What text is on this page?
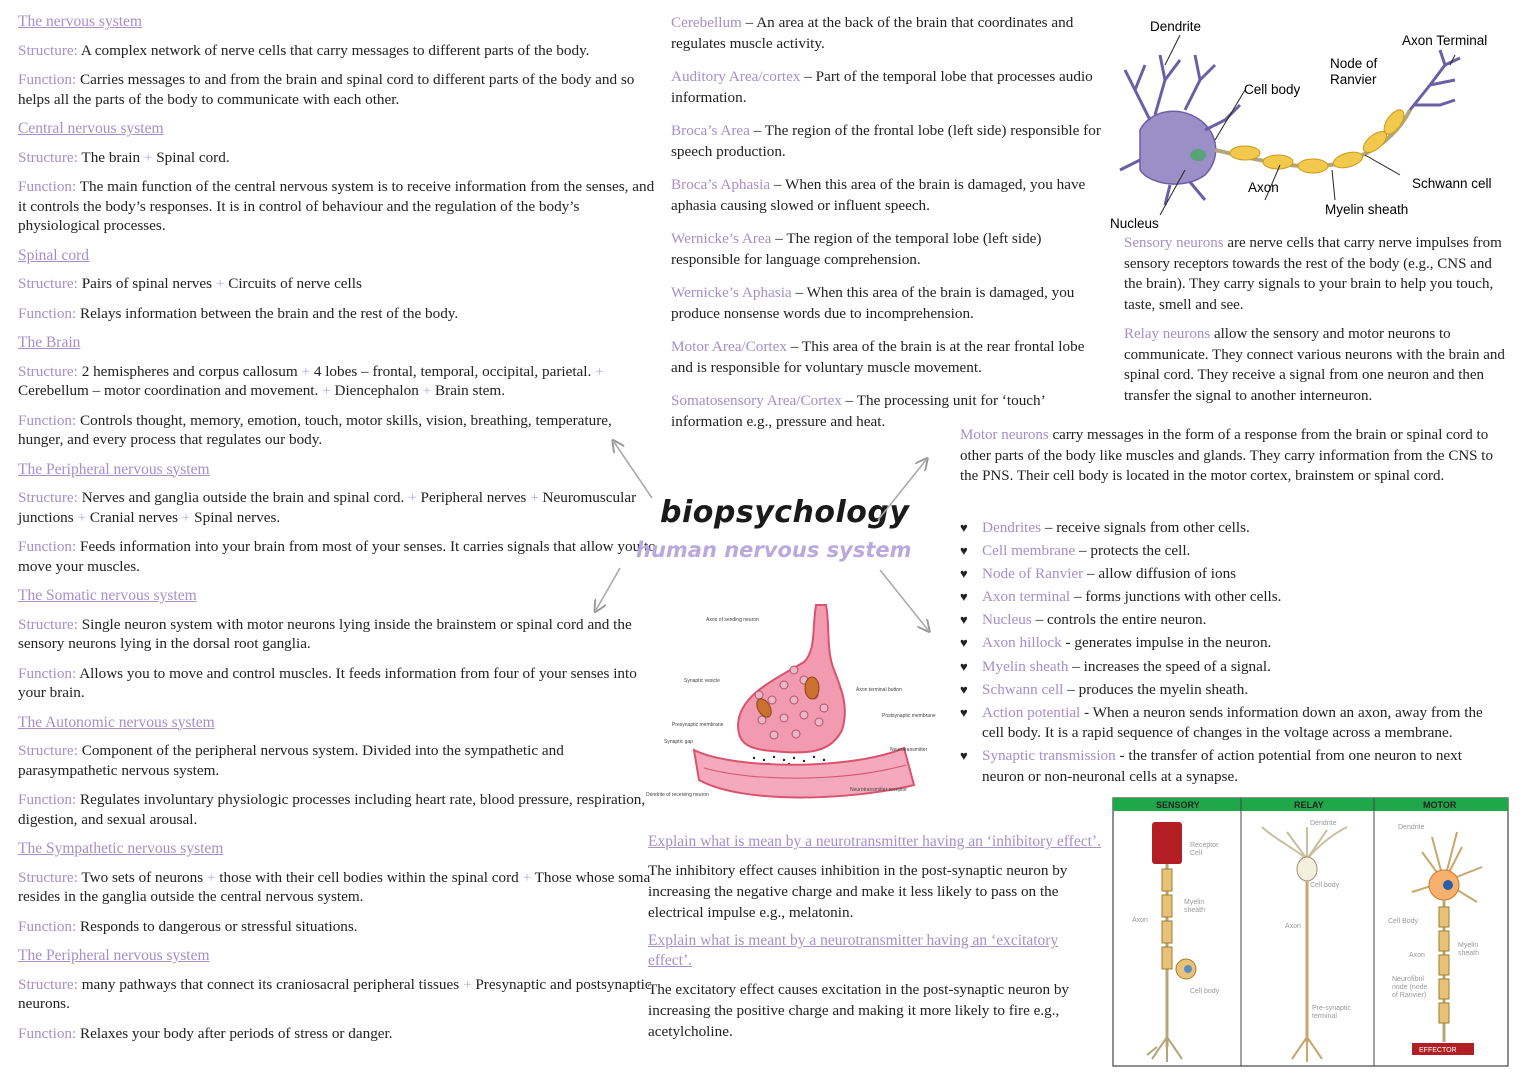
The nervous system

Structure: A complex network of nerve cells that carry messages to different parts of the body.

Function: Carries messages to and from the brain and spinal cord to different parts of the body and so helps all the parts of the body to communicate with each other.

Central nervous system

Structure: The brain + Spinal cord.

Function: The main function of the central nervous system is to receive information from the senses, and it controls the body’s responses. It is in control of behaviour and the regulation of the body’s physiological processes.

Spinal cord

Structure: Pairs of spinal nerves + Circuits of nerve cells

Function: Relays information between the brain and the rest of the body.

The Brain

Structure: 2 hemispheres and corpus callosum + 4 lobes – frontal, temporal, occipital, parietal. + Cerebellum – motor coordination and movement. + Diencephalon + Brain stem.

Function: Controls thought, memory, emotion, touch, motor skills, vision, breathing, temperature, hunger, and every process that regulates our body.

The Peripheral nervous system

Structure: Nerves and ganglia outside the brain and spinal cord. + Peripheral nerves + Neuromuscular junctions + Cranial nerves + Spinal nerves.

Function: Feeds information into your brain from most of your senses. It carries signals that allow you to move your muscles.

The Somatic nervous system

Structure: Single neuron system with motor neurons lying inside the brainstem or spinal cord and the sensory neurons lying in the dorsal root ganglia.

Function: Allows you to move and control muscles. It feeds information from four of your senses into your brain.

The Autonomic nervous system

Structure: Component of the peripheral nervous system. Divided into the sympathetic and parasympathetic nervous system.

Function: Regulates involuntary physiologic processes including heart rate, blood pressure, respiration, digestion, and sexual arousal.

The Sympathetic nervous system

Structure: Two sets of neurons + those with their cell bodies within the spinal cord + Those whose soma resides in the ganglia outside the central nervous system.

Function: Responds to dangerous or stressful situations.

The Peripheral nervous system

Structure: many pathways that connect its craniosacral peripheral tissues + Presynaptic and postsynaptic neurons.

Function: Relaxes your body after periods of stress or danger.

Cerebellum – An area at the back of the brain that coordinates and regulates muscle activity.

Auditory Area/cortex – Part of the temporal lobe that processes audio information.

Broca’s Area – The region of the frontal lobe (left side) responsible for speech production.

Broca’s Aphasia – When this area of the brain is damaged, you have aphasia causing slowed or influent speech.

Wernicke’s Area – The region of the temporal lobe (left side) responsible for language comprehension.

Wernicke’s Aphasia – When this area of the brain is damaged, you produce nonsense words due to incomprehension.

Motor Area/Cortex – This area of the brain is at the rear frontal lobe and is responsible for voluntary muscle movement.

Somatosensory Area/Cortex – The processing unit for ‘touch’ information e.g., pressure and heat.

biopsychology
human nervous system
Axon of sending neuron
Synaptic vesicle
Axon terminal button
Postsynaptic membrane
Presynaptic membrane
Synaptic gap
Neurotransmitter
Neurotransmitter receptor
Dendrite of receiving neuron
Explain what is mean by a neurotransmitter having an ‘inhibitory effect’.

The inhibitory effect causes inhibition in the post-synaptic neuron by increasing the negative charge and make it less likely to pass on the electrical impulse e.g., melatonin.

Explain what is meant by a neurotransmitter having an ‘excitatory effect’.

The excitatory effect causes excitation in the post-synaptic neuron by increasing the positive charge and making it more likely to fire e.g., acetylcholine.

Dendrite
Axon Terminal
Node of
Ranvier
Cell body
Axon	Schwann cell
Myelin sheath
Nucleus

Sensory neurons are nerve cells that carry nerve impulses from sensory receptors towards the rest of the body (e.g., CNS and the brain). They carry signals to your brain to help you touch, taste, smell and see.

Relay neurons allow the sensory and motor neurons to communicate. They connect various neurons with the brain and spinal cord. They receive a signal from one neuron and then transfer the signal to another interneuron.

Motor neurons carry messages in the form of a response from the brain or spinal cord to other parts of the body like muscles and glands. They carry information from the CNS to the PNS. Their cell body is located in the motor cortex, brainstem or spinal cord.

♥ Dendrites – receive signals from other cells.
♥ Cell membrane – protects the cell.
♥ Node of Ranvier – allow diffusion of ions
♥ Axon terminal – forms junctions with other cells.
♥ Nucleus – controls the entire neuron.
♥ Axon hillock - generates impulse in the neuron.
♥ Myelin sheath – increases the speed of a signal.
♥ Schwann cell – produces the myelin sheath.
♥ Action potential - When a neuron sends information down an axon, away from the cell body. It is a rapid sequence of changes in the voltage across a membrane.
♥ Synaptic transmission - the transfer of action potential from one neuron to next neuron or non-neuronal cells at a synapse.
SENSORY	RELAY	MOTOR
Receptor
Cell
Myelin
sheath
Axon
Cell body
Dendrite
Cell body
Axon
Pre-synaptic
terminal
EFFECTOR
Dendrite
Cell Body
Axon
Myelin
sheath
Neurofibril
node (node
of Ranvier)
